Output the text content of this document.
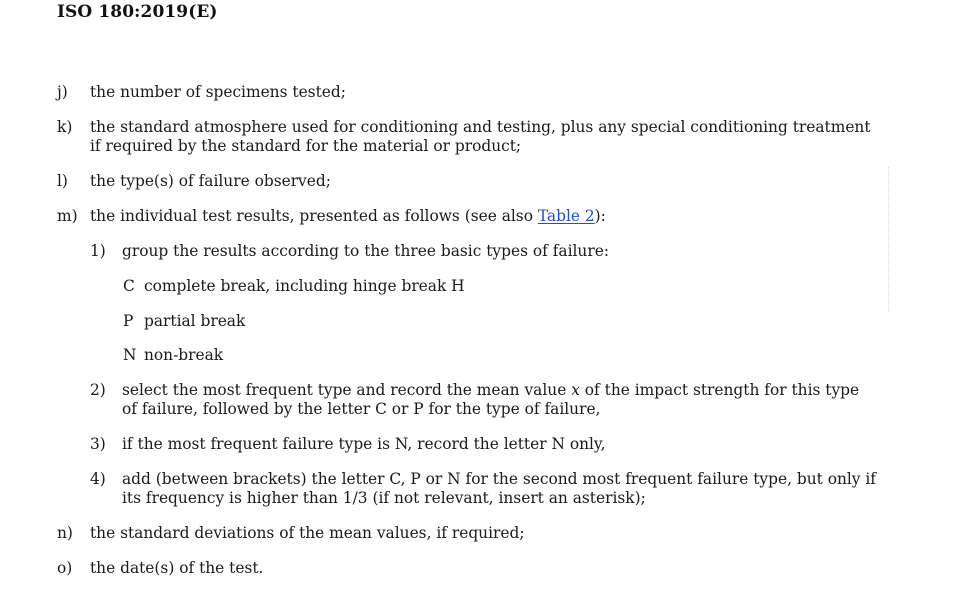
ISO 180:2019(E)
j) the number of specimens tested;
k) the standard atmosphere used for conditioning and testing, plus any special conditioning treatment
if required by the standard for the material or product;
l) the type(s) of failure observed;
m) the individual test results, presented as follows (see also Table 2):
1) group the results according to the three basic types of failure:
C complete break, including hinge break H
P partial break
N non-break
2) select the most frequent type and record the mean value x of the impact strength for this type
of failure, followed by the letter C or P for the type of failure,
3) if the most frequent failure type is N, record the letter N only,
4) add (between brackets) the letter C, P or N for the second most frequent failure type, but only if
its frequency is higher than 1/3 (if not relevant, insert an asterisk);
n) the standard deviations of the mean values, if required;
o) the date(s) of the test.
